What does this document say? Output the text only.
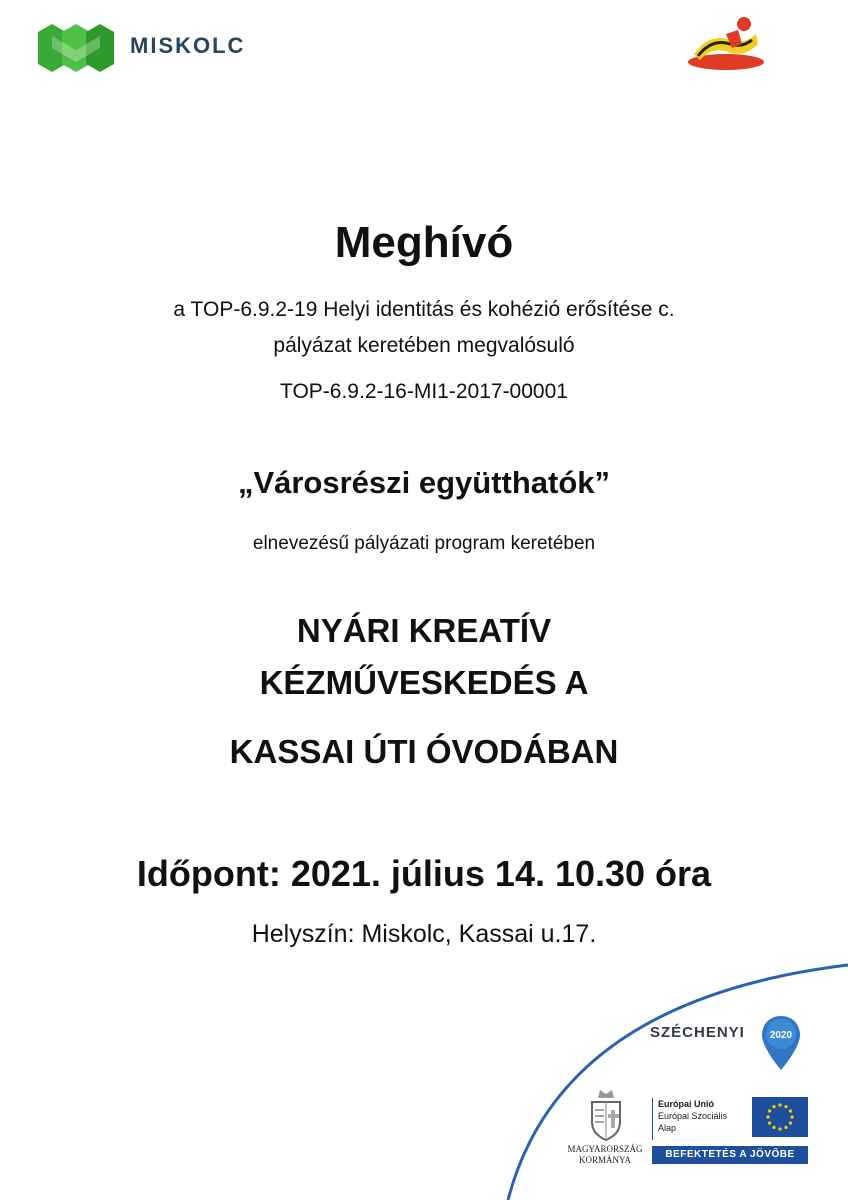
MISKOLC
Meghívó
a TOP-6.9.2-19 Helyi identitás és kohézió erősítése c.
pályázat keretében megvalósuló
TOP-6.9.2-16-MI1-2017-00001
„Városrészi együtthatók”
elnevezésű pályázati program keretében
NYÁRI KREATÍV
KÉZMŰVESKEDÉS A
KASSAI ÚTI ÓVODÁBAN
Időpont: 2021. július 14. 10.30 óra
Helyszín: Miskolc, Kassai u.17.
SZÉCHENYI	2020
MAGYARORSZÁG
KORMÁNYA
Európai Unió
Európai Szociális
Alap
BEFEKTETÉS A JÖVŐBE
